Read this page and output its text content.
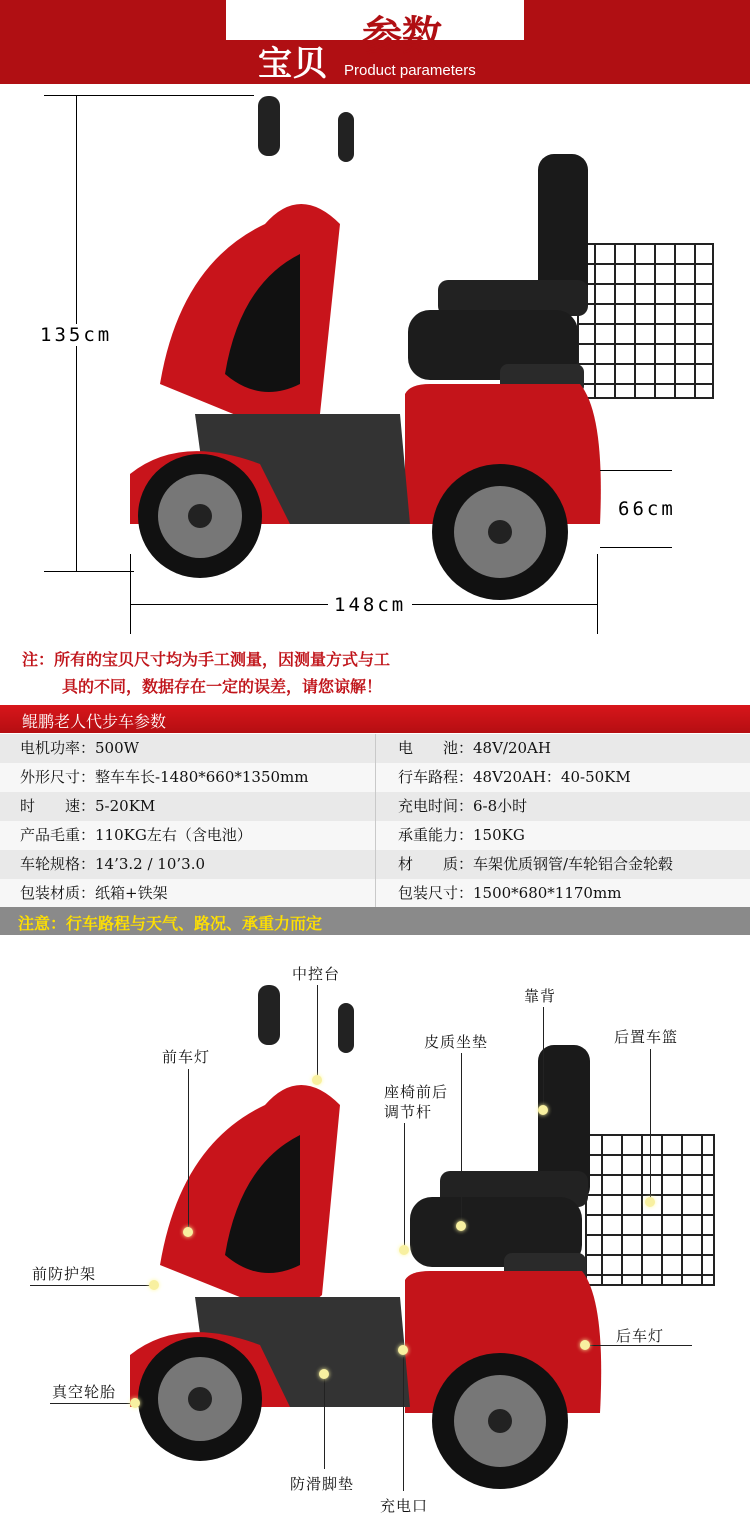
参数
宝贝 Product parameters
135cm
148cm
66cm
注：所有的宝贝尺寸均为手工测量，因测量方式与工
具的不同，数据存在一定的误差，请您谅解！
鲲鹏老人代步车参数
电机功率：500W	电　　池：48V/20AH
外形尺寸：整车车长-1480*660*1350mm	行车路程：48V20AH：40-50KM
时　　速：5-20KM	充电时间：6-8小时
产品毛重：110KG左右（含电池）	承重能力：150KG
车轮规格：14’3.2 / 10’3.0	材　　质：车架优质钢管/车轮铝合金轮毂
包装材质：纸箱+铁架	包装尺寸：1500*680*1170mm
注意：行车路程与天气、路况、承重力而定
中控台
靠背
前车灯
皮质坐垫	后置车篮
座椅前后
调节杆
前防护架
后车灯
真空轮胎
防滑脚垫
充电口
